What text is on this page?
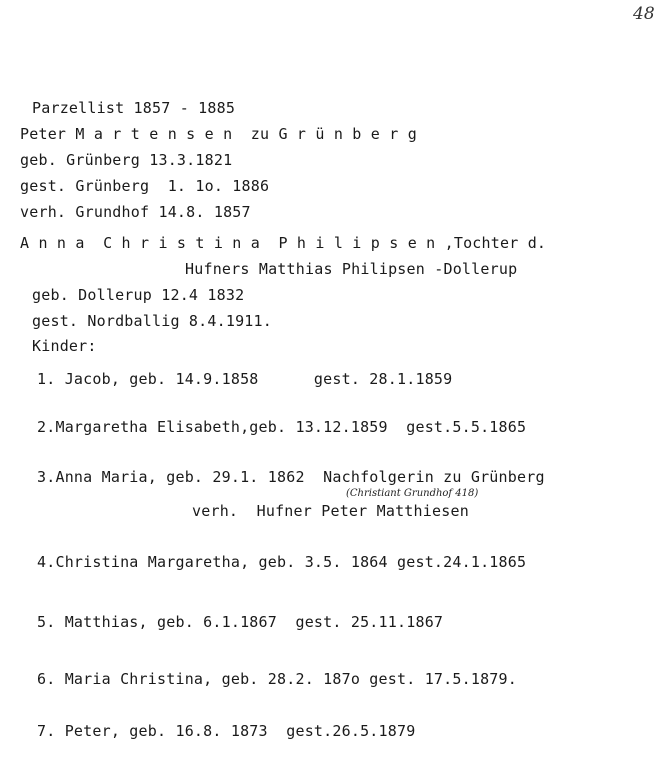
48
Parzellist 1857 - 1885
Peter M a r t e n s e n  zu G r ü n b e r g
geb. Grünberg 13.3.1821
gest. Grünberg  1. 1o. 1886
verh. Grundhof 14.8. 1857
A n n a  C h r i s t i n a  P h i l i p s e n ,Tochter d.
Hufners Matthias Philipsen -Dollerup
geb. Dollerup 12.4 1832
gest. Nordballig 8.4.1911.
Kinder:
1. Jacob, geb. 14.9.1858      gest. 28.1.1859
2.Margaretha Elisabeth,geb. 13.12.1859  gest.5.5.1865
3.Anna Maria, geb. 29.1. 1862  Nachfolgerin zu Grünberg
(Christiant Grundhof 418)
verh.  Hufner Peter Matthiesen
4.Christina Margaretha, geb. 3.5. 1864 gest.24.1.1865
5. Matthias, geb. 6.1.1867  gest. 25.11.1867
6. Maria Christina, geb. 28.2. 187o gest. 17.5.1879.
7. Peter, geb. 16.8. 1873  gest.26.5.1879
